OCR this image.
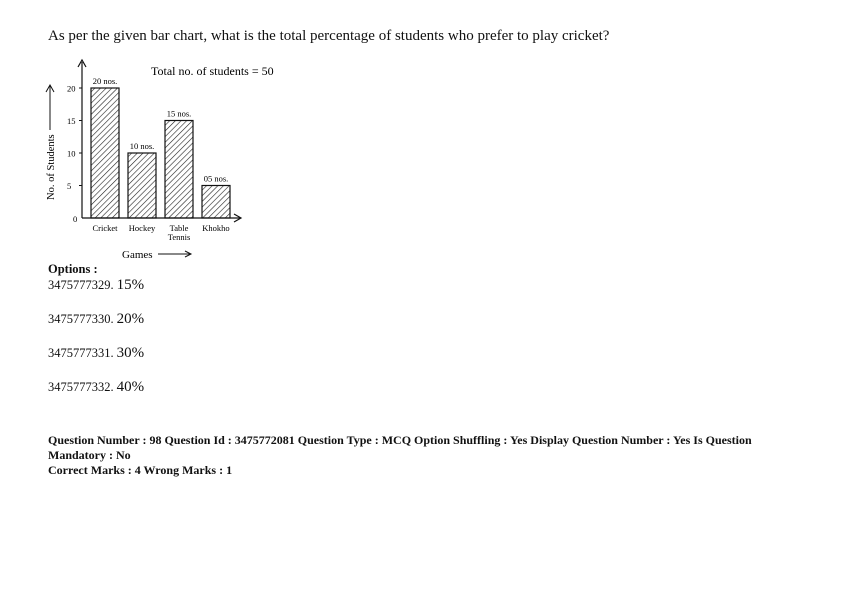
As per the given bar chart, what is the total percentage of students who prefer to play cricket?
No. of Students
0
5
10
15
20
20 nos.
10 nos.
15 nos.
05 nos.
Cricket Hockey Table
Tennis
Khokho
Total no. of students = 50
Games
Options :
3475777329. 15%
3475777330. 20%
3475777331. 30%
3475777332. 40%
Question Number : 98 Question Id : 3475772081 Question Type : MCQ Option Shuffling : Yes Display Question Number : Yes Is Question
Mandatory : No
Correct Marks : 4 Wrong Marks : 1
